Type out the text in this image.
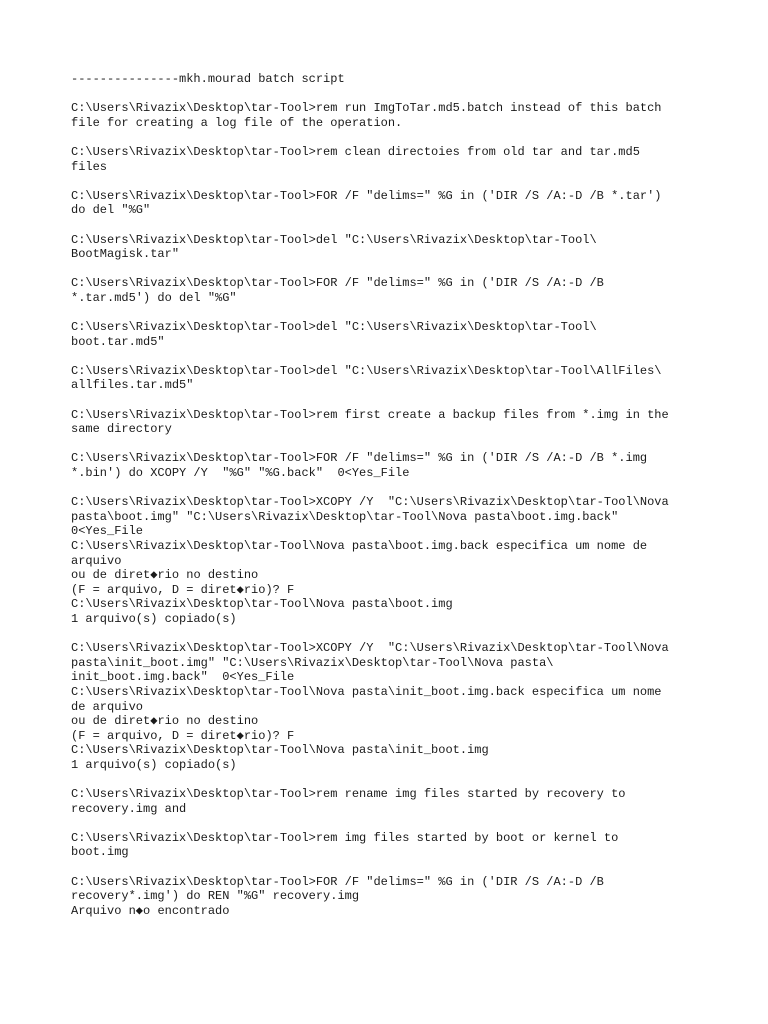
---------------mkh.mourad batch script
C:\Users\Rivazix\Desktop\tar-Tool>rem run ImgToTar.md5.batch instead of this batch
file for creating a log file of the operation.
C:\Users\Rivazix\Desktop\tar-Tool>rem clean directoies from old tar and tar.md5
files
C:\Users\Rivazix\Desktop\tar-Tool>FOR /F "delims=" %G in ('DIR /S /A:-D /B *.tar')
do del "%G"
C:\Users\Rivazix\Desktop\tar-Tool>del "C:\Users\Rivazix\Desktop\tar-Tool\
BootMagisk.tar"
C:\Users\Rivazix\Desktop\tar-Tool>FOR /F "delims=" %G in ('DIR /S /A:-D /B
*.tar.md5') do del "%G"
C:\Users\Rivazix\Desktop\tar-Tool>del "C:\Users\Rivazix\Desktop\tar-Tool\
boot.tar.md5"
C:\Users\Rivazix\Desktop\tar-Tool>del "C:\Users\Rivazix\Desktop\tar-Tool\AllFiles\
allfiles.tar.md5"
C:\Users\Rivazix\Desktop\tar-Tool>rem first create a backup files from *.img in the
same directory
C:\Users\Rivazix\Desktop\tar-Tool>FOR /F "delims=" %G in ('DIR /S /A:-D /B *.img
*.bin') do XCOPY /Y  "%G" "%G.back"  0<Yes_File
C:\Users\Rivazix\Desktop\tar-Tool>XCOPY /Y  "C:\Users\Rivazix\Desktop\tar-Tool\Nova
pasta\boot.img" "C:\Users\Rivazix\Desktop\tar-Tool\Nova pasta\boot.img.back"
0<Yes_File
C:\Users\Rivazix\Desktop\tar-Tool\Nova pasta\boot.img.back especifica um nome de
arquivo
ou de diret◆rio no destino
(F = arquivo, D = diret◆rio)? F
C:\Users\Rivazix\Desktop\tar-Tool\Nova pasta\boot.img
1 arquivo(s) copiado(s)
C:\Users\Rivazix\Desktop\tar-Tool>XCOPY /Y  "C:\Users\Rivazix\Desktop\tar-Tool\Nova
pasta\init_boot.img" "C:\Users\Rivazix\Desktop\tar-Tool\Nova pasta\
init_boot.img.back"  0<Yes_File
C:\Users\Rivazix\Desktop\tar-Tool\Nova pasta\init_boot.img.back especifica um nome
de arquivo
ou de diret◆rio no destino
(F = arquivo, D = diret◆rio)? F
C:\Users\Rivazix\Desktop\tar-Tool\Nova pasta\init_boot.img
1 arquivo(s) copiado(s)
C:\Users\Rivazix\Desktop\tar-Tool>rem rename img files started by recovery to
recovery.img and
C:\Users\Rivazix\Desktop\tar-Tool>rem img files started by boot or kernel to
boot.img
C:\Users\Rivazix\Desktop\tar-Tool>FOR /F "delims=" %G in ('DIR /S /A:-D /B
recovery*.img') do REN "%G" recovery.img
Arquivo n◆o encontrado
